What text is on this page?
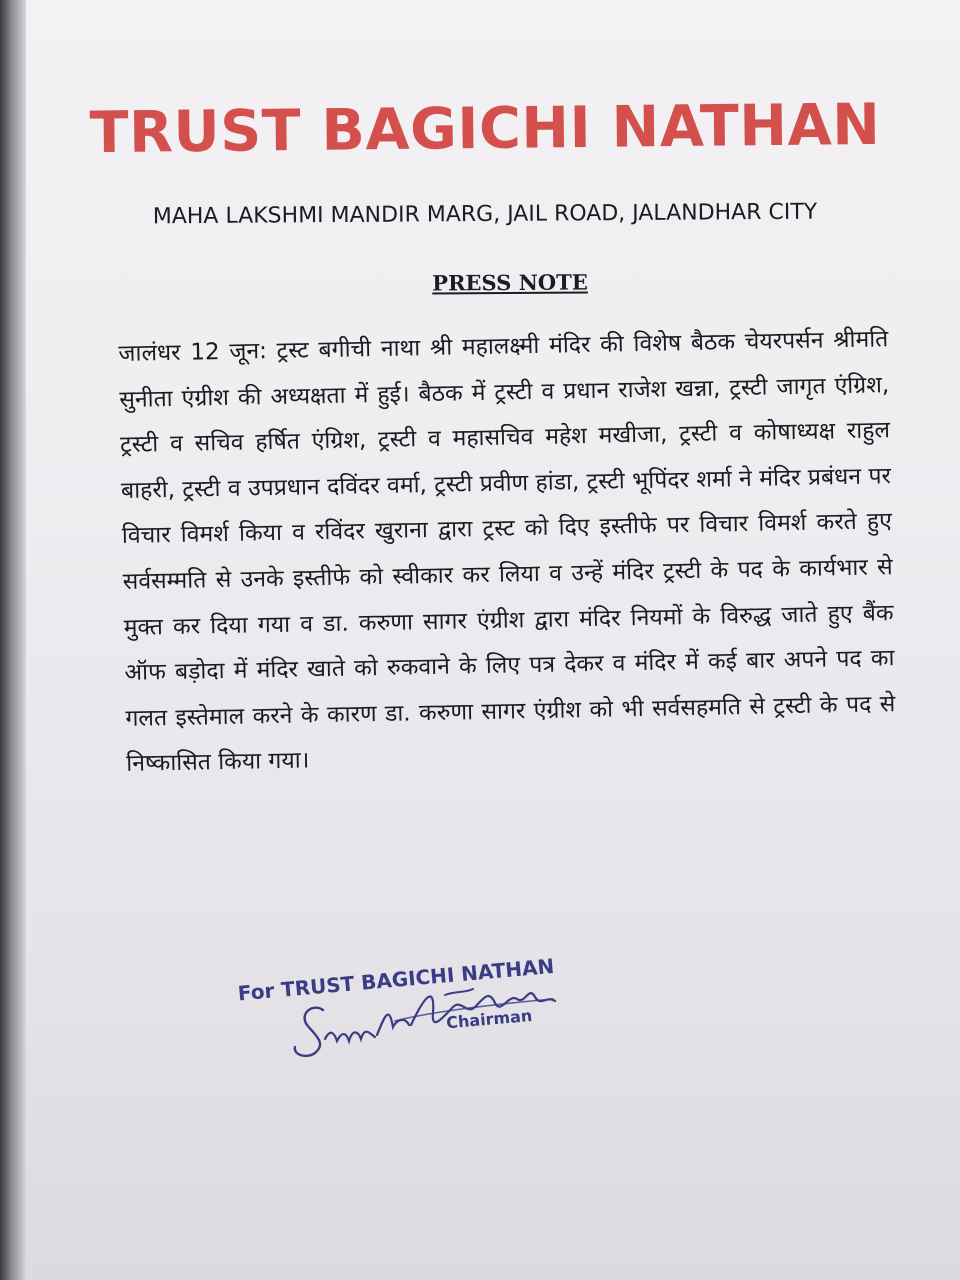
TRUST BAGICHI NATHAN
MAHA LAKSHMI MANDIR MARG, JAIL ROAD, JALANDHAR CITY
PRESS NOTE

जालंधर 12 जून: ट्रस्ट बगीची नाथा श्री महालक्ष्मी मंदिर की विशेष बैठक चेयरपर्सन श्रीमति सुनीता एंग्रीश की अध्यक्षता में हुई। बैठक में ट्रस्टी व प्रधान राजेश खन्ना, ट्रस्टी जागृत एंग्रिश, ट्रस्टी व सचिव हर्षित एंग्रिश, ट्रस्टी व महासचिव महेश मखीजा, ट्रस्टी व कोषाध्यक्ष राहुल बाहरी, ट्रस्टी व उपप्रधान दविंदर वर्मा, ट्रस्टी प्रवीण हांडा, ट्रस्टी भूपिंदर शर्मा ने मंदिर प्रबंधन पर विचार विमर्श किया व रविंदर खुराना द्वारा ट्रस्ट को दिए इस्तीफे पर विचार विमर्श करते हुए सर्वसम्मति से उनके इस्तीफे को स्वीकार कर लिया व उन्हें मंदिर ट्रस्टी के पद के कार्यभार से मुक्त कर दिया गया व डा. करुणा सागर एंग्रीश द्वारा मंदिर नियमों के विरुद्ध जाते हुए बैंक ऑफ बड़ोदा में मंदिर खाते को रुकवाने के लिए पत्र देकर व मंदिर में कई बार अपने पद का गलत इस्तेमाल करने के कारण डा. करुणा सागर एंग्रीश को भी सर्वसहमति से ट्रस्टी के पद से निष्कासित किया गया।

For TRUST BAGICHI NATHAN
Chairman
